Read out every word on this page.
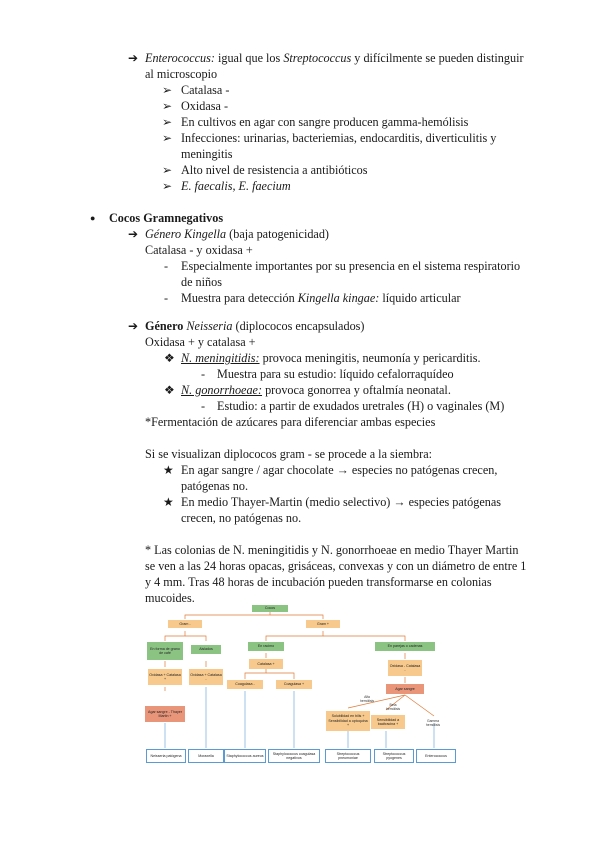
➔ Enterococcus: igual que los Streptococcus y difícilmente se pueden distinguir
al microscopio
➢ Catalasa -
➢ Oxidasa -
➢ En cultivos en agar con sangre producen gamma-hemólisis
➢ Infecciones: urinarias, bacteriemias, endocarditis, diverticulitis y
meningitis
➢ Alto nivel de resistencia a antibióticos
➢ E. faecalis, E. faecium
● Cocos Gramnegativos
➔ Género Kingella (baja patogenicidad)
Catalasa - y oxidasa +
- Especialmente importantes por su presencia en el sistema respiratorio
de niños
- Muestra para detección Kingella kingae: líquido articular
➔ Género Neisseria (diplococos encapsulados)
Oxidasa + y catalasa +
❖ N. meningitidis: provoca meningitis, neumonía y pericarditis.
- Muestra para su estudio: líquido cefalorraquídeo
❖ N. gonorrhoeae: provoca gonorrea y oftalmía neonatal.
- Estudio: a partir de exudados uretrales (H) o vaginales (M)
*Fermentación de azúcares para diferenciar ambas especies
Si se visualizan diplococos gram - se procede a la siembra:
★ En agar sangre / agar chocolate → especies no patógenas crecen,
patógenas no.
★ En medio Thayer-Martin (medio selectivo) → especies patógenas
crecen, no patógenas no.
* Las colonias de N. meningitidis y N. gonorrhoeae en medio Thayer Martin
se ven a las 24 horas opacas, grisáceas, convexas y con un diámetro de entre 1
y 4 mm. Tras 48 horas de incubación pueden transformarse en colonias
mucoides.
Cocos
Gram -	Gram +
En forma de grano de café
Aislados
En racimo	En parejas o cadenas
Oxidasa + Catalasa +
Oxidasa + Catalasa -
Catalasa +	Oxidasa - Catalasa -
Agar sangre - Thayer Martin +
Coagulasa -	Coagulasa +
Agar sangre
Alfa hemólisis
Beta hemólisis
Gamma hemólisis
Solubilidad en bilis + Sensibilidad a optoquina +
Sensibilidad a bacitracina +
Neisseria patógena	Moraxella	Staphylococcus aureus
Staphylococcus coagulasa negativos
Streptococcus pneumoniae
Streptococcus pyogenes
Enterococcus
